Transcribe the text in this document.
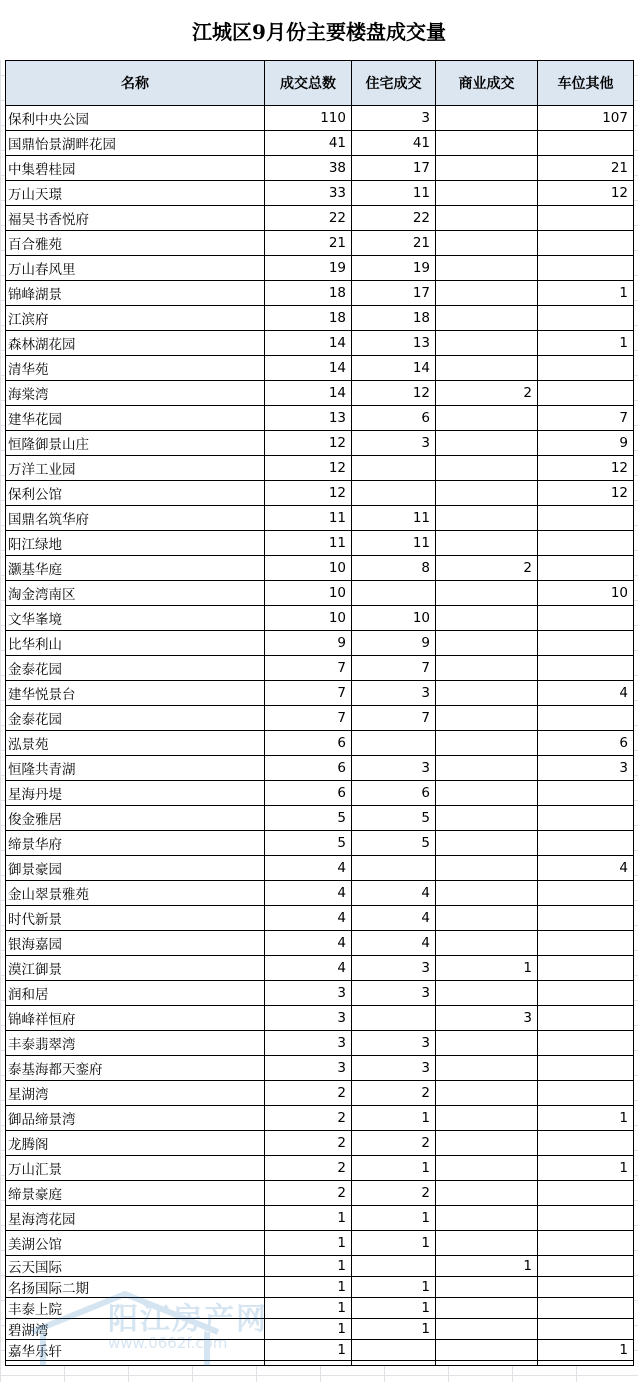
江城区9月份主要楼盘成交量
名称	成交总数	住宅成交	商业成交	车位其他
保利中央公园	110	3		107
国鼎怡景湖畔花园	41	41		
中集碧桂园	38	17		21
万山天璟	33	11		12
福昊书香悦府	22	22		
百合雅苑	21	21		
万山春风里	19	19		
锦峰湖景	18	17		1
江滨府	18	18		
森林湖花园	14	13		1
清华苑	14	14		
海棠湾	14	12	2	
建华花园	13	6		7
恒隆御景山庄	12	3		9
万洋工业园	12			12
保利公馆	12			12
国鼎名筑华府	11	11		
阳江绿地	11	11		
灏基华庭	10	8	2	
淘金湾南区	10			10
文华峯境	10	10		
比华利山	9	9		
金泰花园	7	7		
建华悦景台	7	3		4
金泰花园	7	7		
泓景苑	6			6
恒隆共青湖	6	3		3
星海丹堤	6	6		
俊金雅居	5	5		
缔景华府	5	5		
御景豪园	4			4
金山翠景雅苑	4	4		
时代新景	4	4		
银海嘉园	4	4		
漠江御景	4	3	1	
润和居	3	3		
锦峰祥恒府	3		3	
丰泰翡翠湾	3	3		
泰基海都天銮府	3	3		
星湖湾	2	2		
御品缔景湾	2	1		1
龙腾阁	2	2		
万山汇景	2	1		1
缔景豪庭	2	2		
星海湾花园	1	1		
美湖公馆	1	1		
云天国际	1		1	
名扬国际二期	1	1		
丰泰上院	1	1		
碧湖湾	1	1		
嘉华乐轩	1			1
